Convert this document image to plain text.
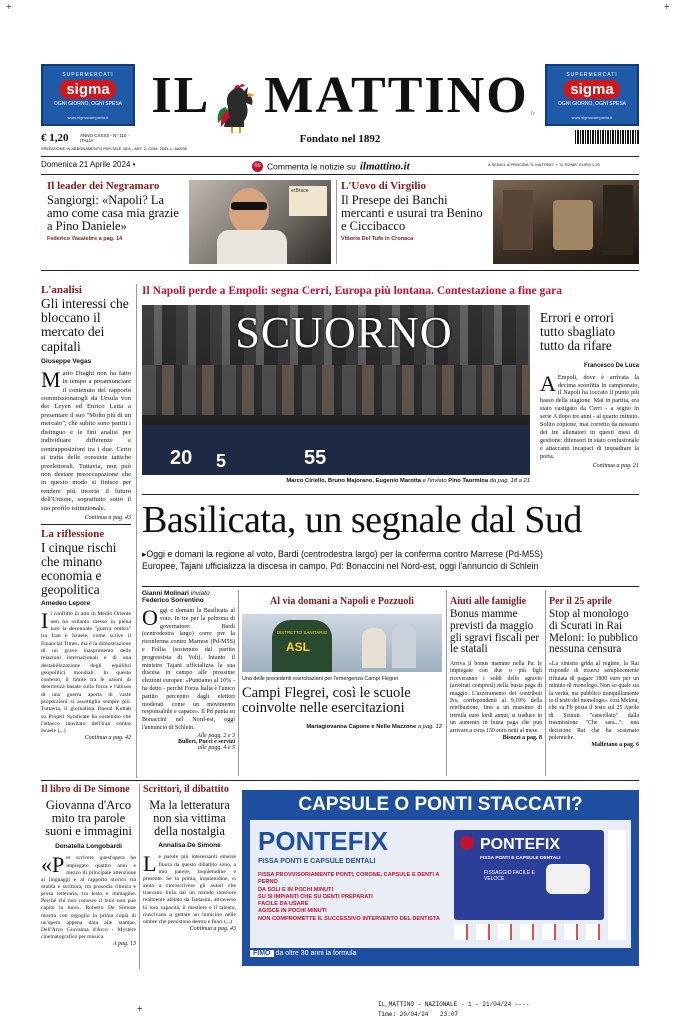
SUPERMERCATI
sigma
OGNI GIORNO, OGNI SPESA
www.sigmacampania.it
SUPERMERCATI
sigma
OGNI GIORNO, OGNI SPESA
www.sigmacampania.it
IL MATTINO ☆
€ 1,20	ANNO CXXXII - N° 110 · ITALIA
SPEDIZIONE IN ABBONAMENTO POSTALE 45% - ART. 2, COM. 20/B, L. 662/96
Fondato nel 1892
Domenica 21 Aprile 2024 •	66 Commenta le notizie su ilmattino.it	A SEDICI: A PROCIDA "IL MATTINO" + "IL ROMA" EURO 1,20
Il leader dei Negramaro
Sangiorgi: «Napoli? La amo come casa mia grazie a Pino Daniele»
Federico Vacalebre a pag. 14
erBrace	L'Uovo di Virgilio
Il Presepe dei Banchi mercanti e usurai tra Benino e Ciccibacco
Vittorio Del Tufo in Cronaca
L'analisi
Gli interessi che bloccano il mercato dei capitali
Giuseppe Vegas
Mario Draghi non ha fatto in tempo a preannunciare il contenuto del rapporto commissionatogli da Ursula von der Leyen ed Enrico Letta a presentare il suo "Molto più di un mercato", che subito sono partiti i distinguo e le fini analisi per individuare differenze e contrapposizioni tra i due. Certo si tratta delle consuete tattiche preelettorali. Tuttavia, non può non destare preoccupazione che in questo modo si finisce per rendere più incerto il futuro dell'Unione, soprattutto sotto il suo profilo istituzionale.
Continua a pag. 43
Il Napoli perde a Empoli: segna Cerri, Europa più lontana. Contestazione a fine gara
20 5	55
SCUORNO
Marco Ciriello, Bruno Majorano, Eugenio Marotta e l'inviato Pino Taormina da pag. 18 a 21
Errori e orrori tutto sbagliato tutto da rifare
Francesco De Luca
AEmpoli, dove è arrivata la decima sconfitta in campionato, il Napoli ha toccato il punto più basso della stagione. Mai in partita, era stato castigato da Cerri - a segno in serie A dopo tre anni - al quarto minuto. Solito copione, mai corretto da nessuno dei tre allenatori in questi mesi di gestione: difensori in stato confusionale e attaccanti incapaci di inquadrare la porta.
Continua a pag. 21
Basilicata, un segnale dal Sud
▸Oggi e domani la regione al voto, Bardi (centrodestra largo) per la conferma contro Marrese (Pd-M5S)
Europee, Tajani ufficializza la discesa in campo. Pd: Bonaccini nel Nord-est, oggi l'annuncio di Schlein
Gianni Molinari inviato
Federico Sorrentino
Oggi e domani la Basilicata al voto. In tre per la poltrona di governatore: Bardi (centrodestra largo) corre per la riconferma contro Marrese (Pd-M5S) e Follia (sostenuto dal partito progressista di Volt). Intanto il ministro Tajani ufficializza la sua discesa in campo alle prossime elezioni europee: «Puntiamo al 10% - ha detto - perché Forza Italia è l'unico partito percepito dagli elettori moderati come un movimento responsabile e capace». Il Pd punta su Bonaccini nel Nord-est, oggi l'annuncio di Schlein.
Alle pagg. 2 e 3
Bulleri, Pucci e servizi
alle pagg. 4 e 5
Al via domani a Napoli e Pozzuoli
DISTRETTO SANITARIO
ASL
Una delle precedenti esercitazioni per l'emergenza Campi Flegrei
Campi Flegrei, così le scuole coinvolte nelle esercitazioni
Mariagiovanna Capone e Nello Mazzone a pag. 12
Aiuti alle famiglie
Bonus mamme previsti da maggio gli sgravi fiscali per le statali
Arriva il bonus mamme nella Pa: le impiegate con due o più figli riceveranno i soldi dello sgravio (arretrati compresi) nella busta paga di maggio. L'azzeramento dei contributi Ivs, corrispondenti al 9,19% della retribuzione, fino a un massimo di tremila euro lordi annui, si traduce in un aumento in busta paga che può arrivare a circa 150 euro netti al mese.
Bisozzi a pag. 8
Per il 25 aprile
Stop al monologo di Scurati in Rai Meloni: lo pubblico nessuna censura
«La sinistra grida al regime, la Rai risponde di essersi semplicemente rifiutata di pagare 1800 euro per un minuto di monologo. Non so quale sia la verità, ma pubblico tranquillamente io il testo del monologo». così Meloni, che su Fb posta il testo sul 25 Aprile di Scurati "cancellato" dalla trasmissione "Che sarà...": una decisione Rai che ha scatenato polemiche.
Malfetano a pag. 6
La riflessione
I cinque rischi che minano economia e geopolitica
Amedeo Lepore
Il conflitto in atto in Medio Oriente non ha soltanto messo in piena luce la decennale "guerra ombra" tra Iran e Israele, come scrive il Financial Times, ma è la dimostrazione di un grave inasprimento delle relazioni internazionali e di una destabilizzazione degli equilibri geopolitici mondiali. In questo contesto, il limite tra le azioni di deterrenza basate sulla forza e l'abisso di una guerra aperta di vaste proporzioni si assottiglia sempre più. Tuttavia, il giornalista Daoud Kuttab su Project Syndicate ha sostenuto che l'attacco inusitato dell'Iran contro Israele (...)
Continua a pag. 42
Il libro di De Simone
Giovanna d'Arco mito tra parole suoni e immagini
Donatella Longobardi
«Per scrivere quest'opera ho impiegato quattro anni e mezzo di principale attenzione ai linguaggi e al rapporto storico tra oralità e scrittura, tra prosodia ritmica e prosa letteraria, tra testo e immagine. Perché chi non conosce il buio non può capire la luce». Roberto De Simone mostra con orgoglio la prima copia di un'opera appena data alle stampe, Dell'Arco Giovanna d'Arco - Mystère cinematografico per musica.
A pag. 13
Scrittori, il dibattito
Ma la letteratura non sia vittima della nostalgia
Annalisa De Simone
Le parole più interessanti emerse finora da questo dibattito sono, a mio parere, inquietudine e presente. Se la prima, inquietudine, ci aiuta a circoscrivere gli autori che traevano linfa dal un mondo interiore realmente abitato da fantasmi, attraverso la loro capacità, il mestiere e il talento, riuscivano a gettare un lumicino nelle ombre che persistono dentro e fuori (...)
Continua a pag. 43
CAPSULE O PONTI STACCATI?
PONTEFIX
FISSA PONTI E CAPSULE DENTALI
FISSA PROVVISORIAMENTE PONTI, CORONE, CAPSULE E DENTI A PERNO
DA SOLI E IN POCHI MINUTI
SU SI IMPIANTI CHE SU DENTI PREPARATI
FACILE DA USARE
AGISCE IN POCHI MINUTI
NON COMPROMETTE IL SUCCESSIVO INTERVENTO DEL DENTISTA
PONTEFIX
FISSA PONTI E CAPSULE DENTALI
FISSAGGIO FACILE E VELOCE
FIMO da oltre 30 anni la formula
IL_MATTINO - NAZIONALE - 1 - 21/04/24 ----
Time: 20/04/24 23:07
+
+	+
